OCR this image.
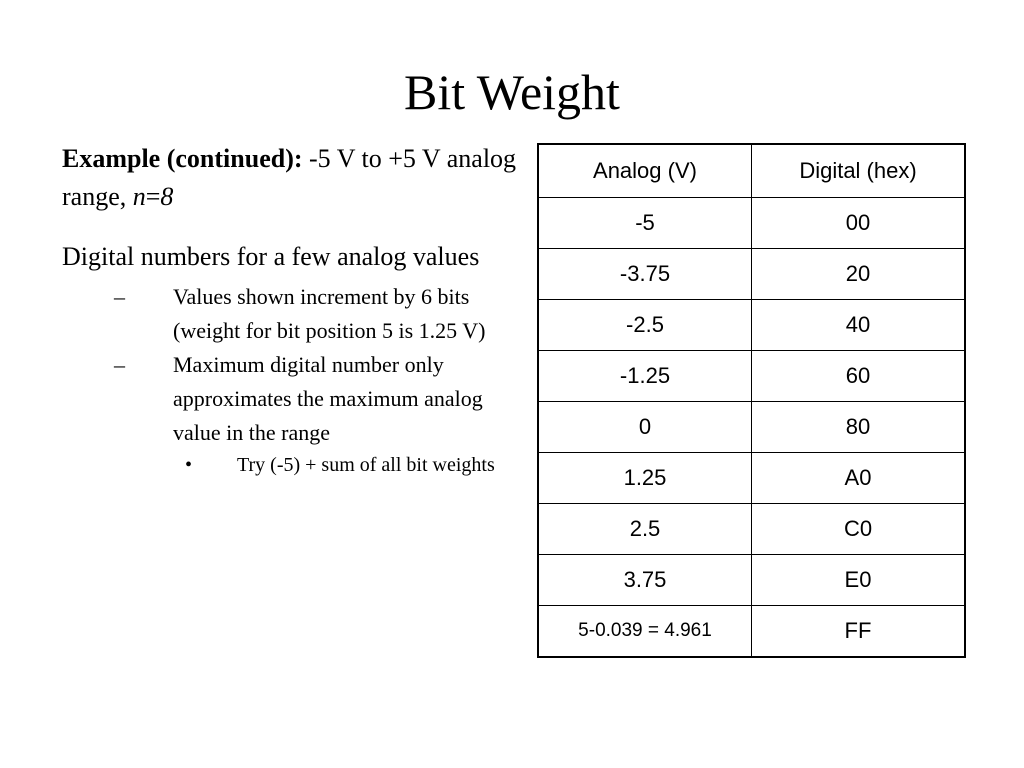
Bit Weight

Example (continued): -5 V to +5 V analog range, n=8

Digital numbers for a few analog values

– Values shown increment by 6 bits (weight for bit position 5 is 1.25 V)
– Maximum digital number only approximates the maximum analog value in the range
• Try (-5) + sum of all bit weights
Analog (V)	Digital (hex)
-5	00
-3.75	20
-2.5	40
-1.25	60
0	80
1.25	A0
2.5	C0
3.75	E0
5-0.039 = 4.961	FF
